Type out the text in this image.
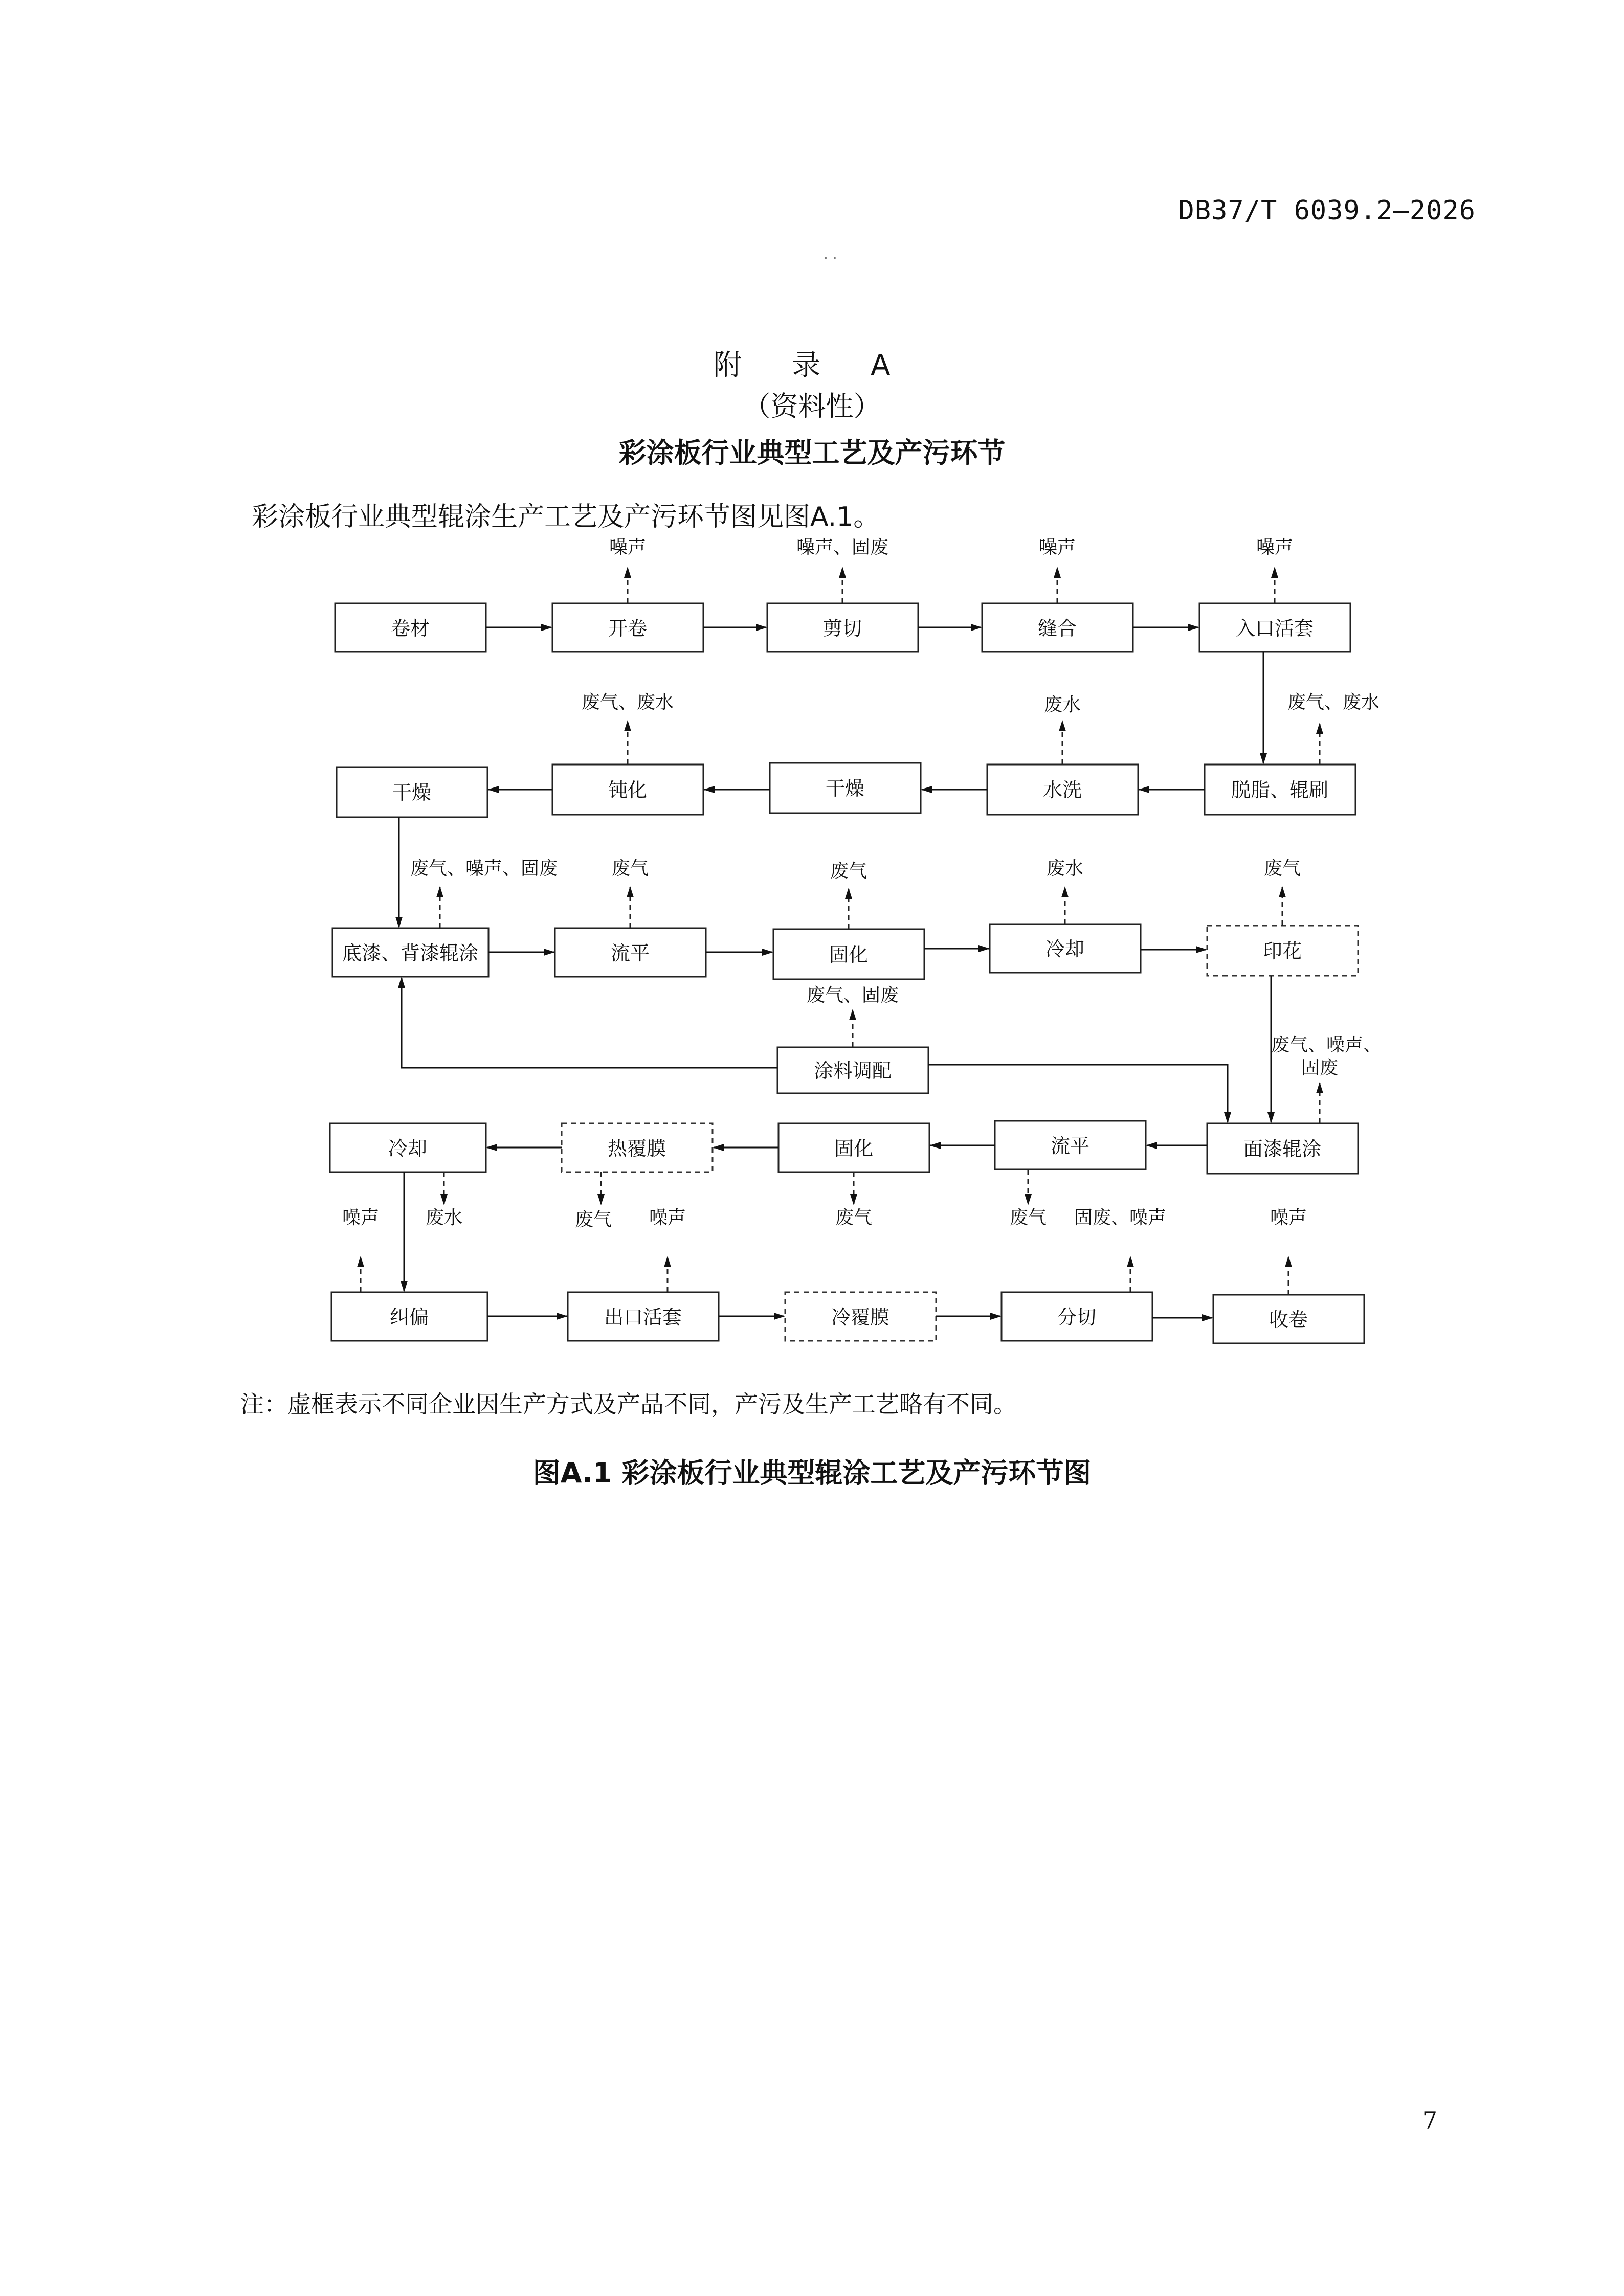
DB37/T 6039.2—2026
· ·
附 录 A
（资料性）
彩涂板行业典型工艺及产污环节
彩涂板行业典型辊涂生产工艺及产污环节图见图A.1。
卷材	开卷	剪切	缝合	入口活套
干燥	钝化	干燥	水洗	脱脂、辊刷
底漆、背漆辊涂	流平	固化	冷却	印花
涂料调配
冷却	热覆膜	固化	流平	面漆辊涂
纠偏	出口活套	冷覆膜	分切	收卷
噪声	噪声、固废	噪声	噪声
废气、废水
废气、废水	废水
废气、噪声、固废	废气	废气	废水	废气
废气、固废
废气、噪声、
固废
废水	废气 噪声	废气	废气 固废、噪声	噪声
噪声
注：虚框表示不同企业因生产方式及产品不同，产污及生产工艺略有不同。
图A.1 彩涂板行业典型辊涂工艺及产污环节图
7
